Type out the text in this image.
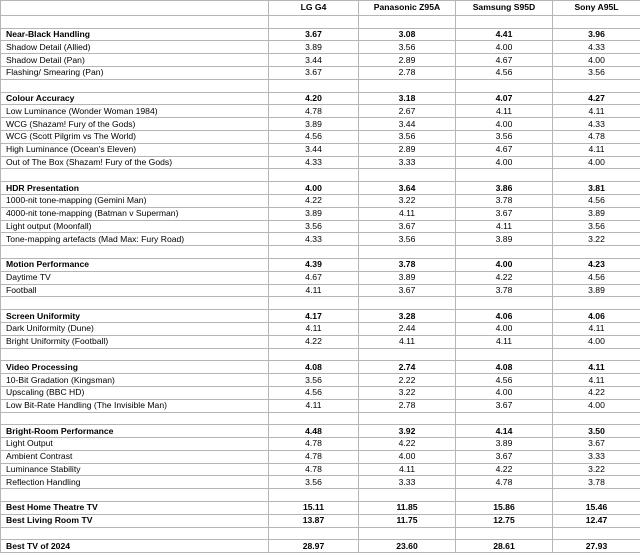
	LG G4	Panasonic Z95A	Samsung S95D	Sony A95L

Near-Black Handling	3.67	3.08	4.41	3.96
Shadow Detail (Allied)	3.89	3.56	4.00	4.33
Shadow Detail (Pan)	3.44	2.89	4.67	4.00
Flashing/ Smearing (Pan)	3.67	2.78	4.56	3.56

Colour Accuracy	4.20	3.18	4.07	4.27
Low Luminance (Wonder Woman 1984)	4.78	2.67	4.11	4.11
WCG (Shazam! Fury of the Gods)	3.89	3.44	4.00	4.33
WCG (Scott Pilgrim vs The World)	4.56	3.56	3.56	4.78
High Luminance (Ocean's Eleven)	3.44	2.89	4.67	4.11
Out of The Box (Shazam! Fury of the Gods)	4.33	3.33	4.00	4.00

HDR Presentation	4.00	3.64	3.86	3.81
1000-nit tone-mapping (Gemini Man)	4.22	3.22	3.78	4.56
4000-nit tone-mapping (Batman v Superman)	3.89	4.11	3.67	3.89
Light output (Moonfall)	3.56	3.67	4.11	3.56
Tone-mapping artefacts (Mad Max: Fury Road)	4.33	3.56	3.89	3.22

Motion Performance	4.39	3.78	4.00	4.23
Daytime TV	4.67	3.89	4.22	4.56
Football	4.11	3.67	3.78	3.89

Screen Uniformity	4.17	3.28	4.06	4.06
Dark Uniformity (Dune)	4.11	2.44	4.00	4.11
Bright Uniformity (Football)	4.22	4.11	4.11	4.00

Video Processing	4.08	2.74	4.08	4.11
10-Bit Gradation (Kingsman)	3.56	2.22	4.56	4.11
Upscaling (BBC HD)	4.56	3.22	4.00	4.22
Low Bit-Rate Handling (The Invisible Man)	4.11	2.78	3.67	4.00

Bright-Room Performance	4.48	3.92	4.14	3.50
Light Output	4.78	4.22	3.89	3.67
Ambient Contrast	4.78	4.00	3.67	3.33
Luminance Stability	4.78	4.11	4.22	3.22
Reflection Handling	3.56	3.33	4.78	3.78

Best Home Theatre TV	15.11	11.85	15.86	15.46
Best Living Room TV	13.87	11.75	12.75	12.47

Best TV of 2024	28.97	23.60	28.61	27.93
